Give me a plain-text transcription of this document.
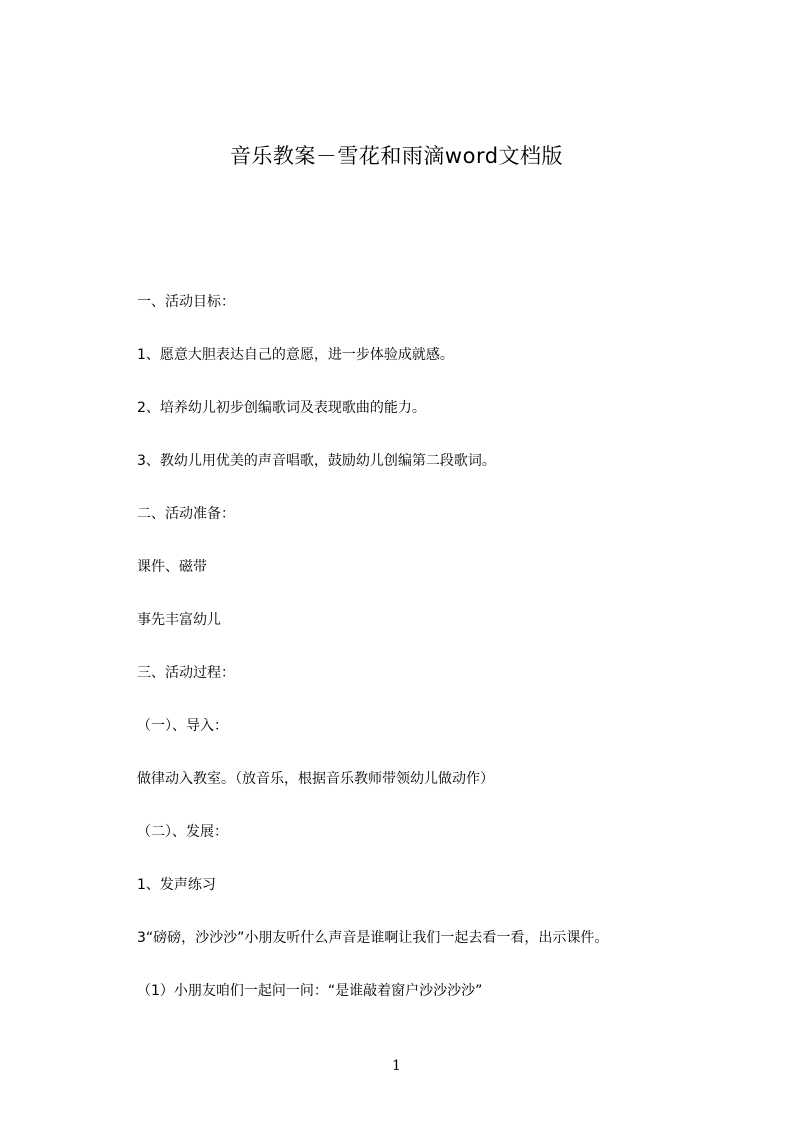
音乐教案－雪花和雨滴word文档版
一、活动目标：
1、愿意大胆表达自己的意愿，进一步体验成就感。
2、培养幼儿初步创编歌词及表现歌曲的能力。
3、教幼儿用优美的声音唱歌，鼓励幼儿创编第二段歌词。
二、活动准备：
课件、磁带
事先丰富幼儿
三、活动过程：
（一）、导入：
做律动入教室。（放音乐，根据音乐教师带领幼儿做动作）
（二）、发展：
1、发声练习
3“磅磅，沙沙沙”小朋友听什么声音是谁啊让我们一起去看一看，出示课件。
（1）小朋友咱们一起问一问：“是谁敲着窗户沙沙沙沙”
1
